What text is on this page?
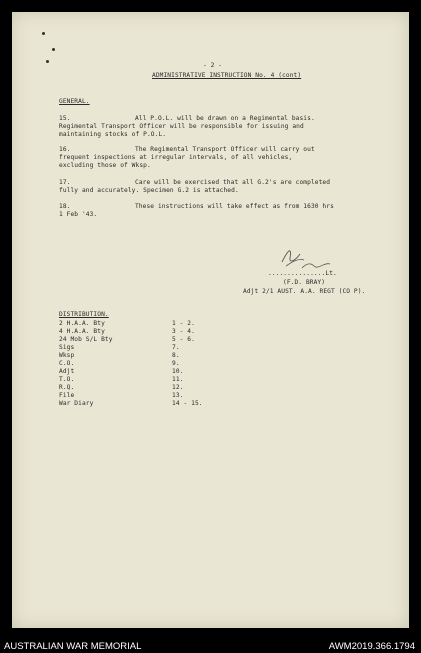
- 2 -
ADMINISTRATIVE INSTRUCTION No. 4 (cont)
GENERAL.
15.	All P.O.L. will be drawn on a Regimental basis.
Regimental Transport Officer will be responsible for issuing and
maintaining stocks of P.O.L.
16.	The Regimental Transport Officer will carry out
frequent inspections at irregular intervals, of all vehicles,
excluding those of Wksp.
17.	Care will be exercised that all G.2's are completed
fully and accurately. Specimen G.2 is attached.
18.	These instructions will take effect as from 1630 hrs
1 Feb '43.
...............Lt.
(F.D. BRAY)
Adjt 2/1 AUST. A.A. REGT (CO P).
DISTRIBUTION.
2 H.A.A. Bty	1 - 2.
4 H.A.A. Bty	3 - 4.
24 Mob S/L Bty	5 - 6.
Sigs	7.
Wksp	8.
C.O.	9.
Adjt	10.
T.O.	11.
R.Q.	12.
File	13.
War Diary	14 - 15.
AUSTRALIAN WAR MEMORIAL	AWM2019.366.1794
